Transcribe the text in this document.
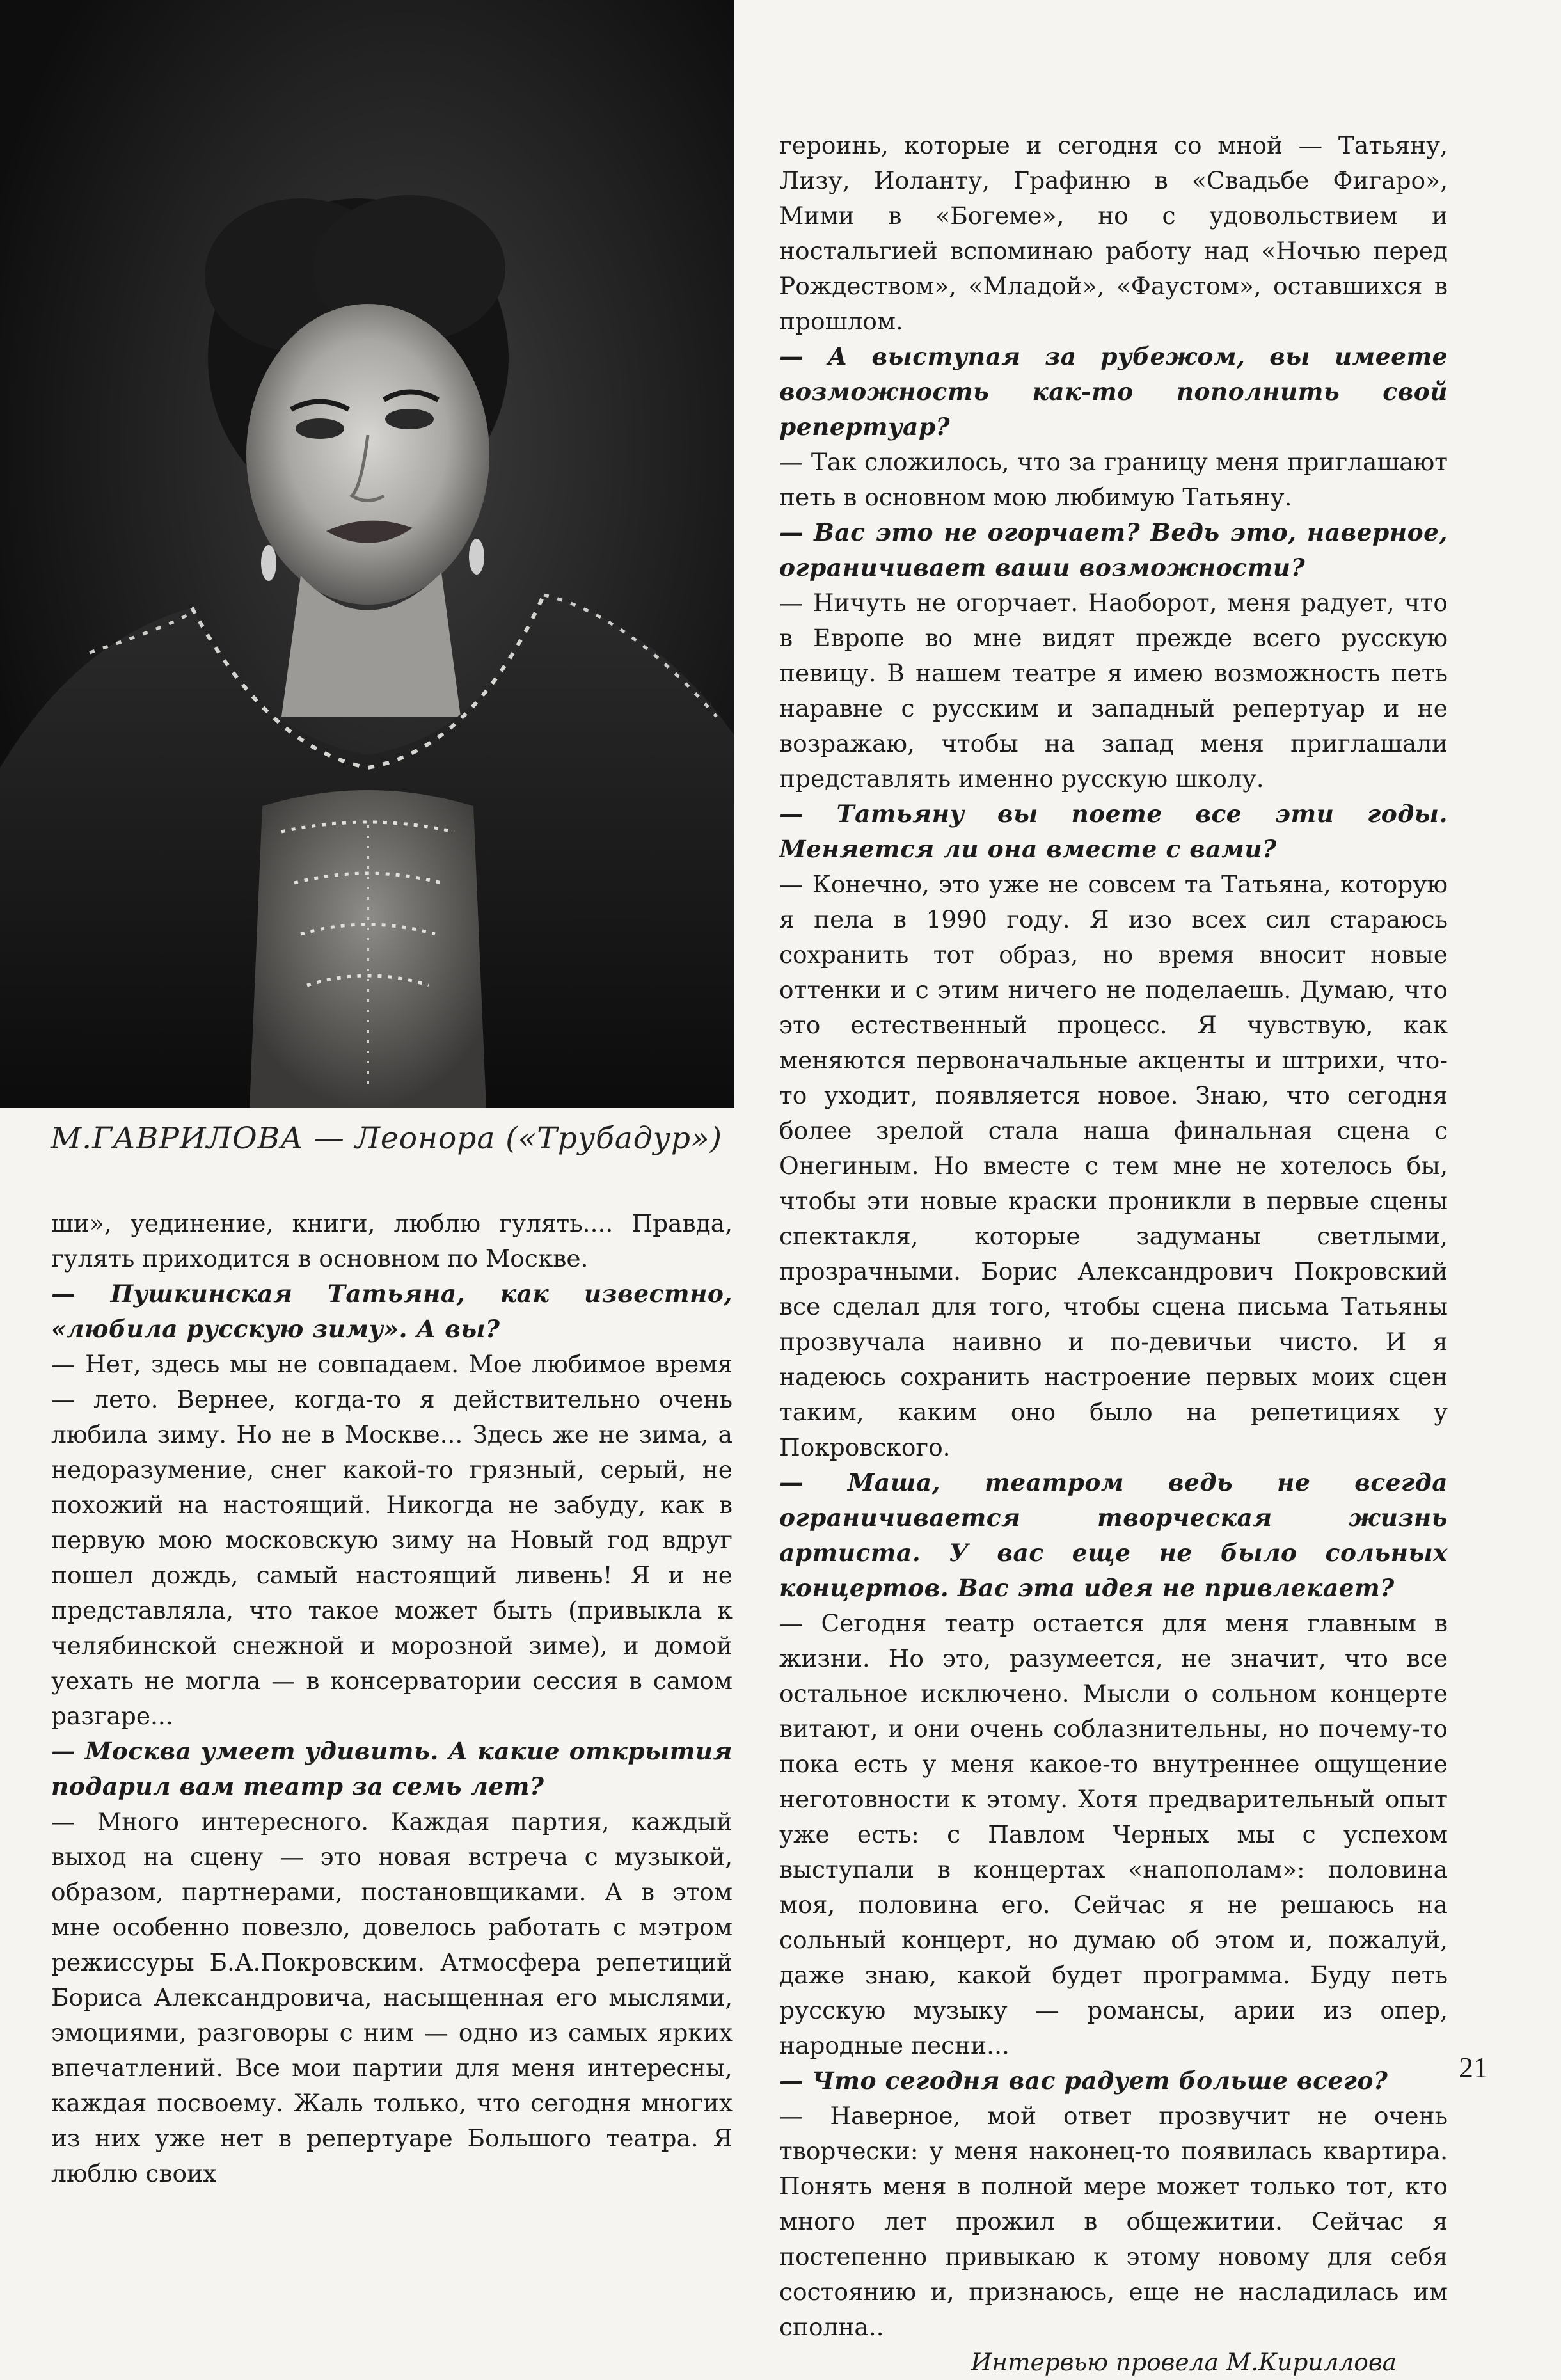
М.ГАВРИЛОВА — Леонора («Трубадур»)

ши», уединение, книги, люблю гулять.... Правда, гулять приходится в основном по Москве.

— Пушкинская Татьяна, как известно, «любила русскую зиму». А вы?

— Нет, здесь мы не совпадаем. Мое любимое время — лето. Вернее, когда-то я действительно очень любила зиму. Но не в Москве... Здесь же не зима, а недоразумение, снег какой-то грязный, серый, не похожий на настоящий. Никогда не забуду, как в первую мою московскую зиму на Новый год вдруг пошел дождь, самый настоящий ливень! Я и не представляла, что такое может быть (привыкла к челябинской снежной и морозной зиме), и домой уехать не могла — в консерватории сессия в самом разгаре...

— Москва умеет удивить. А какие открытия подарил вам театр за семь лет?

— Много интересного. Каждая партия, каждый выход на сцену — это новая встреча с музыкой, образом, партнерами, постановщиками. А в этом мне особенно повезло, довелось работать с мэтром режиссуры Б.А.Покровским. Атмосфера репетиций Бориса Александровича, насыщенная его мыслями, эмоциями, разговоры с ним — одно из самых ярких впечатлений. Все мои партии для меня интересны, каждая посвоему. Жаль только, что сегодня многих из них уже нет в репертуаре Большого театра. Я люблю своих

героинь, которые и сегодня со мной — Татьяну, Лизу, Иоланту, Графиню в «Свадьбе Фигаро», Мими в «Богеме», но с удовольствием и ностальгией вспоминаю работу над «Ночью перед Рождеством», «Младой», «Фаустом», оставшихся в прошлом.

— А выступая за рубежом, вы имеете возможность как-то пополнить свой репертуар?

— Так сложилось, что за границу меня приглашают петь в основном мою любимую Татьяну.

— Вас это не огорчает? Ведь это, наверное, ограничивает ваши возможности?

— Ничуть не огорчает. Наоборот, меня радует, что в Европе во мне видят прежде всего русскую певицу. В нашем театре я имею возможность петь наравне с русским и западный репертуар и не возражаю, чтобы на запад меня приглашали представлять именно русскую школу.

— Татьяну вы поете все эти годы. Меняется ли она вместе с вами?

— Конечно, это уже не совсем та Татьяна, которую я пела в 1990 году. Я изо всех сил стараюсь сохранить тот образ, но время вносит новые оттенки и с этим ничего не поделаешь. Думаю, что это естественный процесс. Я чувствую, как меняются первоначальные акценты и штрихи, что-то уходит, появляется новое. Знаю, что сегодня более зрелой стала наша финальная сцена с Онегиным. Но вместе с тем мне не хотелось бы, чтобы эти новые краски проникли в первые сцены спектакля, которые задуманы светлыми, прозрачными. Борис Александрович Покровский все сделал для того, чтобы сцена письма Татьяны прозвучала наивно и по-девичьи чисто. И я надеюсь сохранить настроение первых моих сцен таким, каким оно было на репетициях у Покровского.

— Маша, театром ведь не всегда ограничивается творческая жизнь артиста. У вас еще не было сольных концертов. Вас эта идея не привлекает?

— Сегодня театр остается для меня главным в жизни. Но это, разумеется, не значит, что все остальное исключено. Мысли о сольном концерте витают, и они очень соблазнительны, но почему-то пока есть у меня какое-то внутреннее ощущение неготовности к этому. Хотя предварительный опыт уже есть: с Павлом Черных мы с успехом выступали в концертах «напополам»: половина моя, половина его. Сейчас я не решаюсь на сольный концерт, но думаю об этом и, пожалуй, даже знаю, какой будет программа. Буду петь русскую музыку — романсы, арии из опер, народные песни...

— Что сегодня вас радует больше всего?

— Наверное, мой ответ прозвучит не очень творчески: у меня наконец-то появилась квартира. Понять меня в полной мере может только тот, кто много лет прожил в общежитии. Сейчас я постепенно привыкаю к этому новому для себя состоянию и, признаюсь, еще не насладилась им сполна..

Интервью провела М.Кириллова

21
